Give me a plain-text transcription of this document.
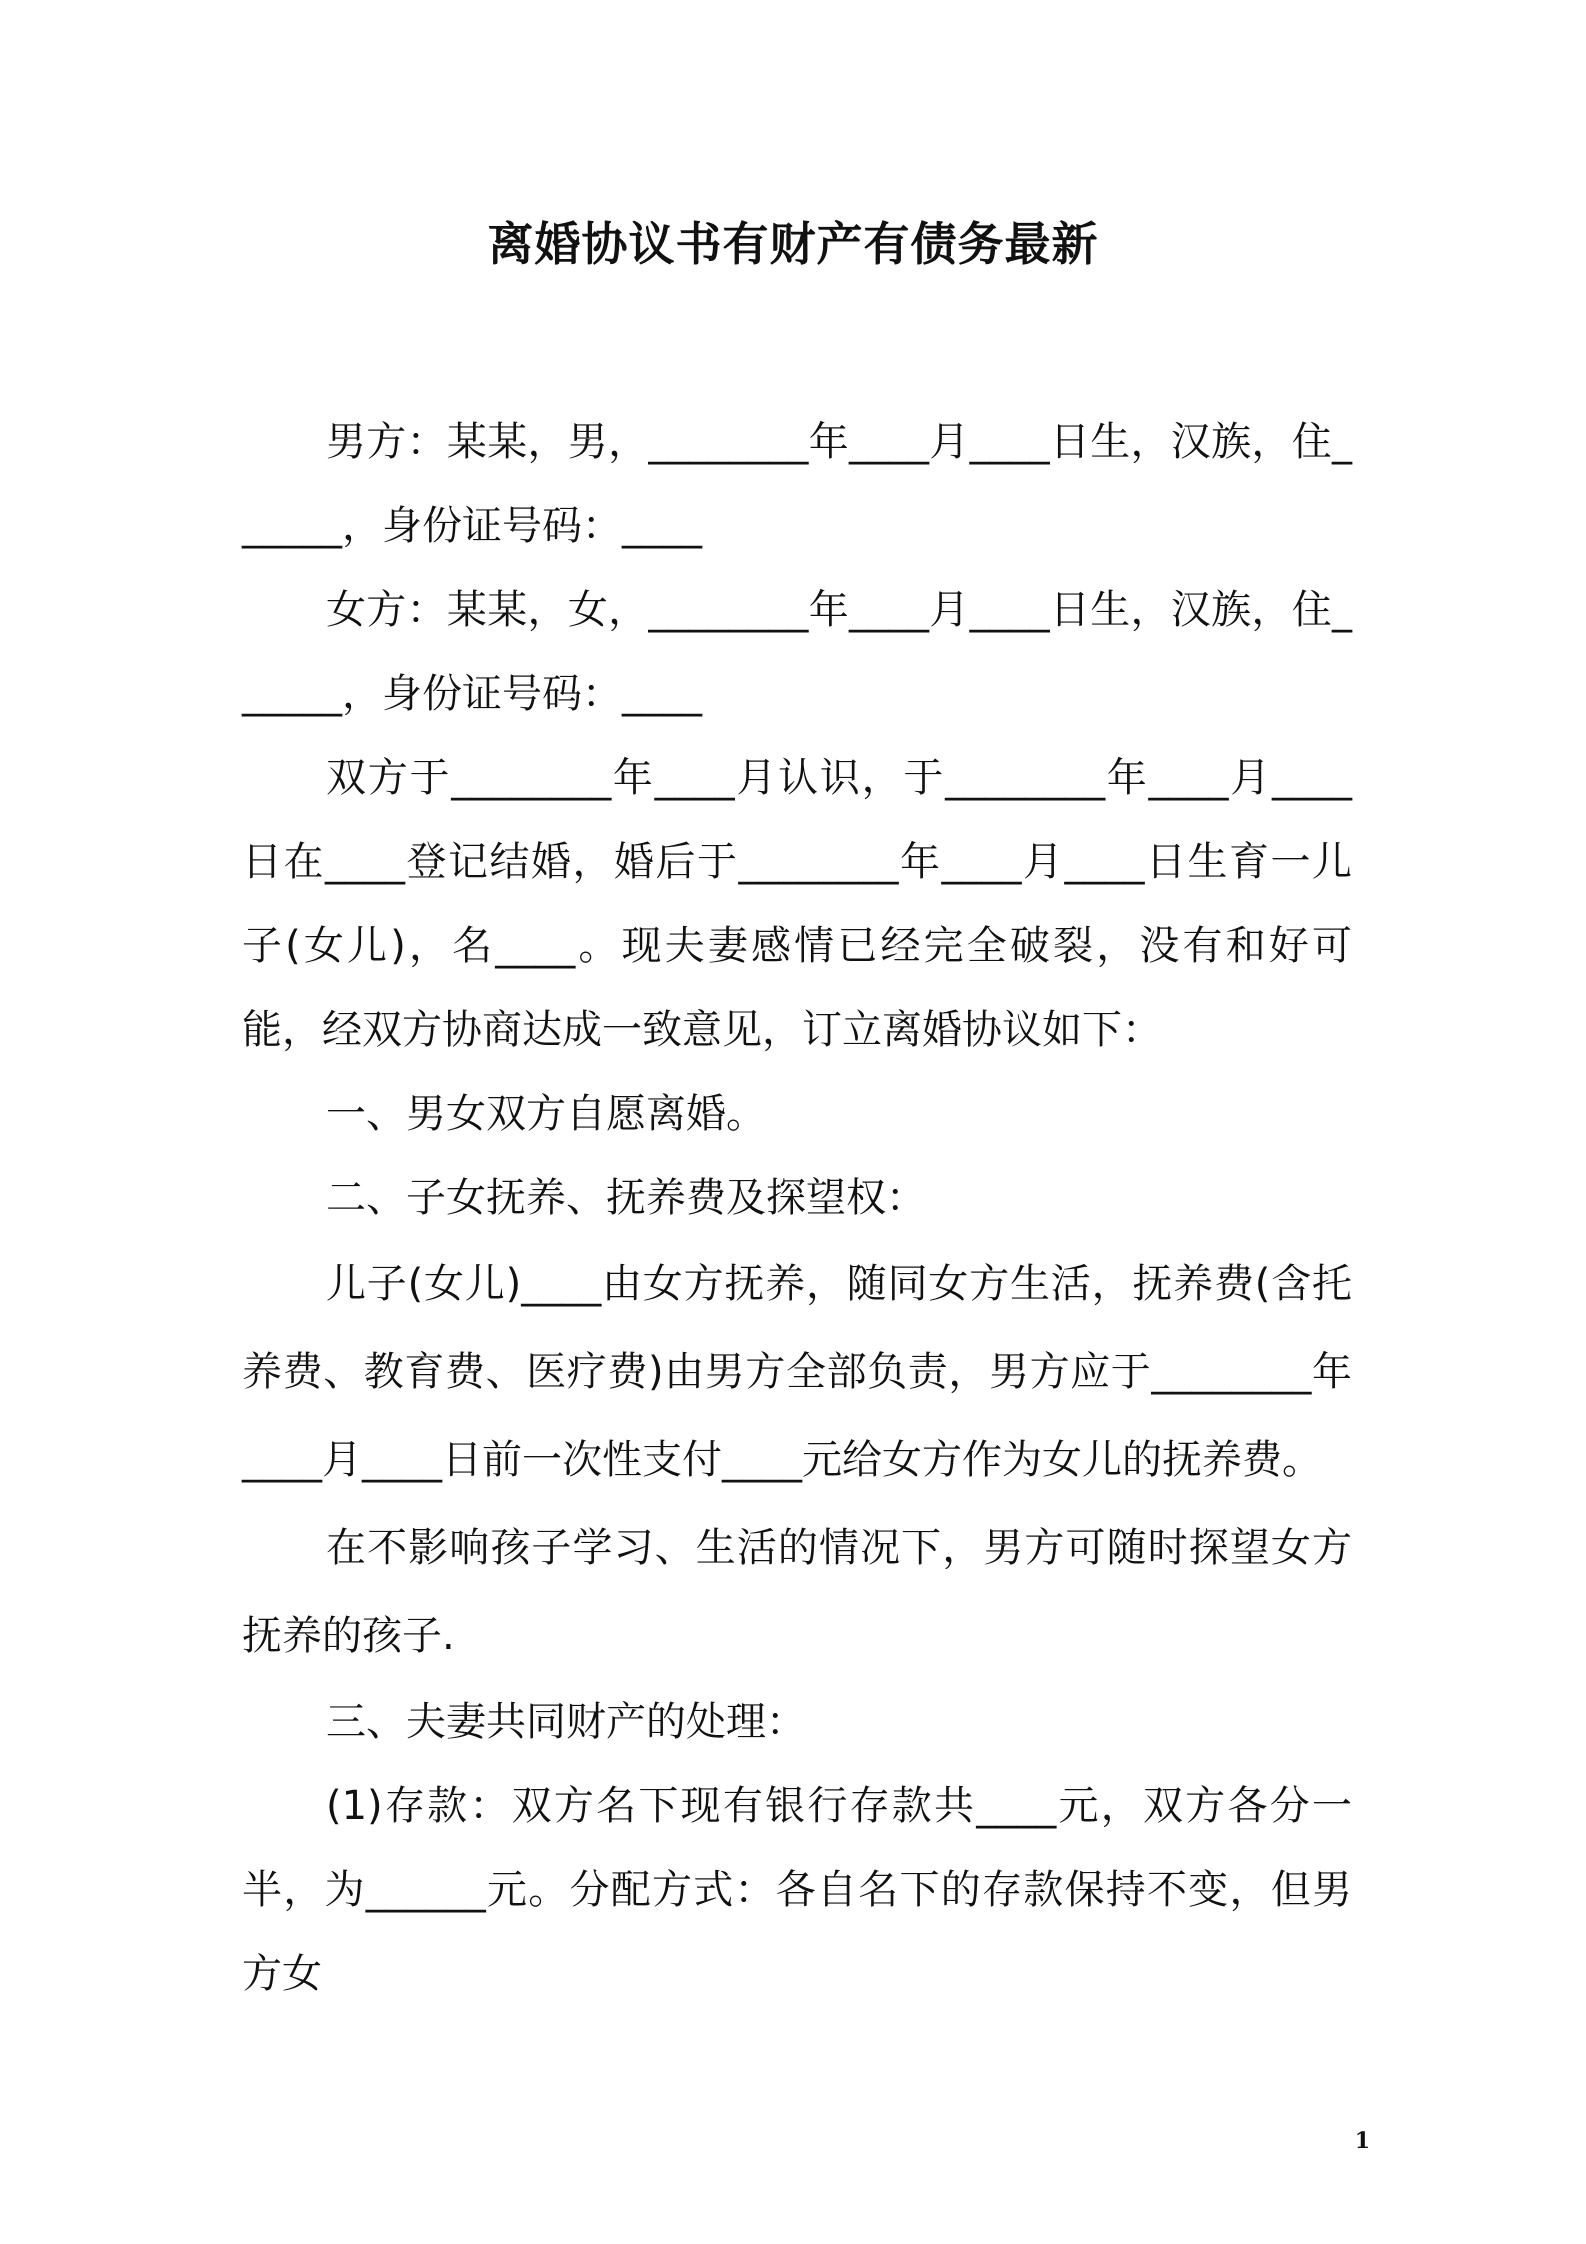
离婚协议书有财产有债务最新

男方：某某，男，________年____月____日生，汉族，住______，身份证号码：____

女方：某某，女，________年____月____日生，汉族，住______，身份证号码：____

双方于________年____月认识，于________年____月____日在____登记结婚，婚后于________年____月____日生育一儿子(女儿)，名____。现夫妻感情已经完全破裂，没有和好可能，经双方协商达成一致意见，订立离婚协议如下：

一、男女双方自愿离婚。

二、子女抚养、抚养费及探望权：

儿子(女儿)____由女方抚养，随同女方生活，抚养费(含托养费、教育费、医疗费)由男方全部负责，男方应于________年____月____日前一次性支付____元给女方作为女儿的抚养费。

在不影响孩子学习、生活的情况下，男方可随时探望女方抚养的孩子.

三、夫妻共同财产的处理：

(1)存款：双方名下现有银行存款共____元，双方各分一半，为______元。分配方式：各自名下的存款保持不变，但男方女

1
